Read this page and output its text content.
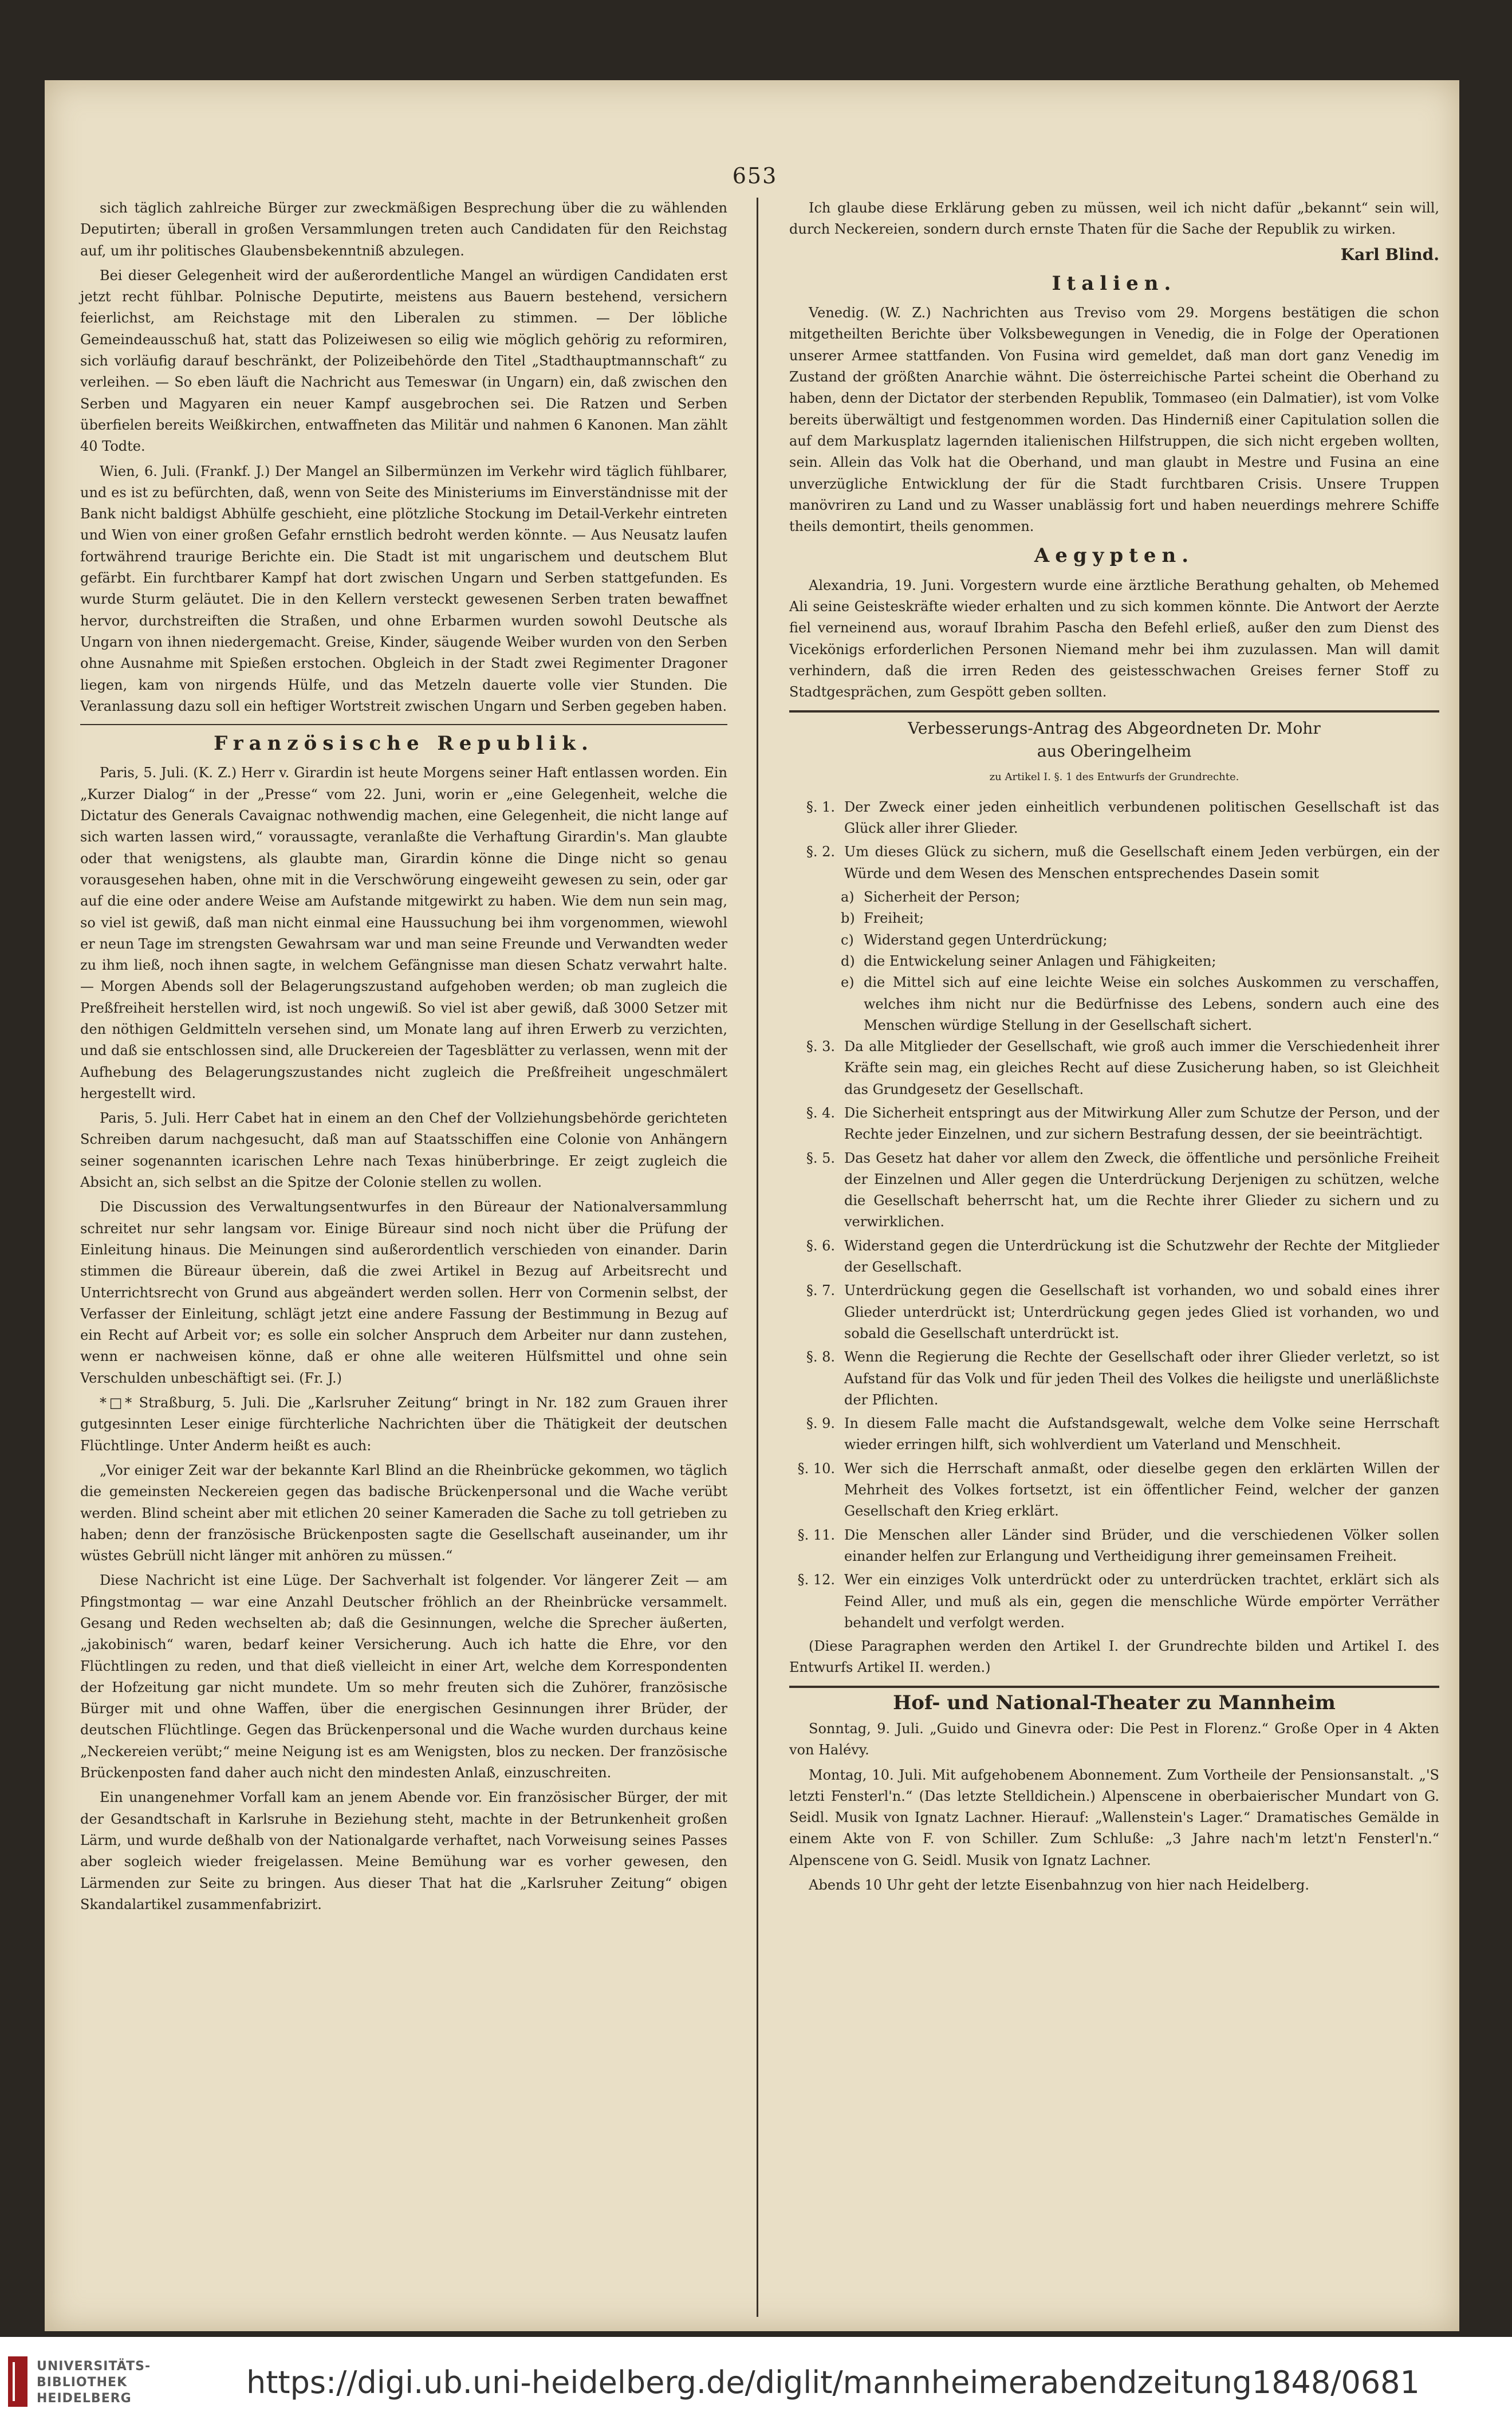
653

sich täglich zahlreiche Bürger zur zweckmäßigen Besprechung über die zu wählenden Deputirten; überall in großen Versammlungen treten auch Candidaten für den Reichstag auf, um ihr politisches Glaubensbekenntniß abzulegen.

Bei dieser Gelegenheit wird der außerordentliche Mangel an würdigen Candidaten erst jetzt recht fühlbar. Polnische Deputirte, meistens aus Bauern bestehend, versichern feierlichst, am Reichstage mit den Liberalen zu stimmen. — Der löbliche Gemeindeausschuß hat, statt das Polizeiwesen so eilig wie möglich gehörig zu reformiren, sich vorläufig darauf beschränkt, der Polizeibehörde den Titel „Stadthauptmannschaft“ zu verleihen. — So eben läuft die Nachricht aus Temeswar (in Ungarn) ein, daß zwischen den Serben und Magyaren ein neuer Kampf ausgebrochen sei. Die Ratzen und Serben überfielen bereits Weißkirchen, entwaffneten das Militär und nahmen 6 Kanonen. Man zählt 40 Todte.

Wien, 6. Juli. (Frankf. J.) Der Mangel an Silbermünzen im Verkehr wird täglich fühlbarer, und es ist zu befürchten, daß, wenn von Seite des Ministeriums im Einverständnisse mit der Bank nicht baldigst Abhülfe geschieht, eine plötzliche Stockung im Detail-Verkehr eintreten und Wien von einer großen Gefahr ernstlich bedroht werden könnte. — Aus Neusatz laufen fortwährend traurige Berichte ein. Die Stadt ist mit ungarischem und deutschem Blut gefärbt. Ein furchtbarer Kampf hat dort zwischen Ungarn und Serben stattgefunden. Es wurde Sturm geläutet. Die in den Kellern versteckt gewesenen Serben traten bewaffnet hervor, durchstreiften die Straßen, und ohne Erbarmen wurden sowohl Deutsche als Ungarn von ihnen niedergemacht. Greise, Kinder, säugende Weiber wurden von den Serben ohne Ausnahme mit Spießen erstochen. Obgleich in der Stadt zwei Regimenter Dragoner liegen, kam von nirgends Hülfe, und das Metzeln dauerte volle vier Stunden. Die Veranlassung dazu soll ein heftiger Wortstreit zwischen Ungarn und Serben gegeben haben.

Französische Republik.

Paris, 5. Juli. (K. Z.) Herr v. Girardin ist heute Morgens seiner Haft entlassen worden. Ein „Kurzer Dialog“ in der „Presse“ vom 22. Juni, worin er „eine Gelegenheit, welche die Dictatur des Generals Cavaignac nothwendig machen, eine Gelegenheit, die nicht lange auf sich warten lassen wird,“ voraussagte, veranlaßte die Verhaftung Girardin's. Man glaubte oder that wenigstens, als glaubte man, Girardin könne die Dinge nicht so genau vorausgesehen haben, ohne mit in die Verschwörung eingeweiht gewesen zu sein, oder gar auf die eine oder andere Weise am Aufstande mitgewirkt zu haben. Wie dem nun sein mag, so viel ist gewiß, daß man nicht einmal eine Haussuchung bei ihm vorgenommen, wiewohl er neun Tage im strengsten Gewahrsam war und man seine Freunde und Verwandten weder zu ihm ließ, noch ihnen sagte, in welchem Gefängnisse man diesen Schatz verwahrt halte. — Morgen Abends soll der Belagerungszustand aufgehoben werden; ob man zugleich die Preßfreiheit herstellen wird, ist noch ungewiß. So viel ist aber gewiß, daß 3000 Setzer mit den nöthigen Geldmitteln versehen sind, um Monate lang auf ihren Erwerb zu verzichten, und daß sie entschlossen sind, alle Druckereien der Tagesblätter zu verlassen, wenn mit der Aufhebung des Belagerungszustandes nicht zugleich die Preßfreiheit ungeschmälert hergestellt wird.

Paris, 5. Juli. Herr Cabet hat in einem an den Chef der Vollziehungsbehörde gerichteten Schreiben darum nachgesucht, daß man auf Staatsschiffen eine Colonie von Anhängern seiner sogenannten icarischen Lehre nach Texas hinüberbringe. Er zeigt zugleich die Absicht an, sich selbst an die Spitze der Colonie stellen zu wollen.

Die Discussion des Verwaltungsentwurfes in den Büreaur der Nationalversammlung schreitet nur sehr langsam vor. Einige Büreaur sind noch nicht über die Prüfung der Einleitung hinaus. Die Meinungen sind außerordentlich verschieden von einander. Darin stimmen die Büreaur überein, daß die zwei Artikel in Bezug auf Arbeitsrecht und Unterrichtsrecht von Grund aus abgeändert werden sollen. Herr von Cormenin selbst, der Verfasser der Einleitung, schlägt jetzt eine andere Fassung der Bestimmung in Bezug auf ein Recht auf Arbeit vor; es solle ein solcher Anspruch dem Arbeiter nur dann zustehen, wenn er nachweisen könne, daß er ohne alle weiteren Hülfsmittel und ohne sein Verschulden unbeschäftigt sei. (Fr. J.)

*□* Straßburg, 5. Juli. Die „Karlsruher Zeitung“ bringt in Nr. 182 zum Grauen ihrer gutgesinnten Leser einige fürchterliche Nachrichten über die Thätigkeit der deutschen Flüchtlinge. Unter Anderm heißt es auch:

„Vor einiger Zeit war der bekannte Karl Blind an die Rheinbrücke gekommen, wo täglich die gemeinsten Neckereien gegen das badische Brückenpersonal und die Wache verübt werden. Blind scheint aber mit etlichen 20 seiner Kameraden die Sache zu toll getrieben zu haben; denn der französische Brückenposten sagte die Gesellschaft auseinander, um ihr wüstes Gebrüll nicht länger mit anhören zu müssen.“

Diese Nachricht ist eine Lüge. Der Sachverhalt ist folgender. Vor längerer Zeit — am Pfingstmontag — war eine Anzahl Deutscher fröhlich an der Rheinbrücke versammelt. Gesang und Reden wechselten ab; daß die Gesinnungen, welche die Sprecher äußerten, „jakobinisch“ waren, bedarf keiner Versicherung. Auch ich hatte die Ehre, vor den Flüchtlingen zu reden, und that dieß vielleicht in einer Art, welche dem Korrespondenten der Hofzeitung gar nicht mundete. Um so mehr freuten sich die Zuhörer, französische Bürger mit und ohne Waffen, über die energischen Gesinnungen ihrer Brüder, der deutschen Flüchtlinge. Gegen das Brückenpersonal und die Wache wurden durchaus keine „Neckereien verübt;“ meine Neigung ist es am Wenigsten, blos zu necken. Der französische Brückenposten fand daher auch nicht den mindesten Anlaß, einzuschreiten.

Ein unangenehmer Vorfall kam an jenem Abende vor. Ein französischer Bürger, der mit der Gesandtschaft in Karlsruhe in Beziehung steht, machte in der Betrunkenheit großen Lärm, und wurde deßhalb von der Nationalgarde verhaftet, nach Vorweisung seines Passes aber sogleich wieder freigelassen. Meine Bemühung war es vorher gewesen, den Lärmenden zur Seite zu bringen. Aus dieser That hat die „Karlsruher Zeitung“ obigen Skandalartikel zusammenfabrizirt.

Ich glaube diese Erklärung geben zu müssen, weil ich nicht dafür „bekannt“ sein will, durch Neckereien, sondern durch ernste Thaten für die Sache der Republik zu wirken.

Karl Blind.
Italien.

Venedig. (W. Z.) Nachrichten aus Treviso vom 29. Morgens bestätigen die schon mitgetheilten Berichte über Volksbewegungen in Venedig, die in Folge der Operationen unserer Armee stattfanden. Von Fusina wird gemeldet, daß man dort ganz Venedig im Zustand der größten Anarchie wähnt. Die österreichische Partei scheint die Oberhand zu haben, denn der Dictator der sterbenden Republik, Tommaseo (ein Dalmatier), ist vom Volke bereits überwältigt und festgenommen worden. Das Hinderniß einer Capitulation sollen die auf dem Markusplatz lagernden italienischen Hilfstruppen, die sich nicht ergeben wollten, sein. Allein das Volk hat die Oberhand, und man glaubt in Mestre und Fusina an eine unverzügliche Entwicklung der für die Stadt furchtbaren Crisis. Unsere Truppen manövriren zu Land und zu Wasser unablässig fort und haben neuerdings mehrere Schiffe theils demontirt, theils genommen.

Aegypten.

Alexandria, 19. Juni. Vorgestern wurde eine ärztliche Berathung gehalten, ob Mehemed Ali seine Geisteskräfte wieder erhalten und zu sich kommen könnte. Die Antwort der Aerzte fiel verneinend aus, worauf Ibrahim Pascha den Befehl erließ, außer den zum Dienst des Vicekönigs erforderlichen Personen Niemand mehr bei ihm zuzulassen. Man will damit verhindern, daß die irren Reden des geistesschwachen Greises ferner Stoff zu Stadtgesprächen, zum Gespött geben sollten.

Verbesserungs-Antrag des Abgeordneten Dr. Mohr
aus Oberingelheim
zu Artikel I. §. 1 des Entwurfs der Grundrechte.
§. 1. Der Zweck einer jeden einheitlich verbundenen politischen Gesellschaft ist das Glück aller ihrer Glieder.
§. 2. Um dieses Glück zu sichern, muß die Gesellschaft einem Jeden verbürgen, ein der Würde und dem Wesen des Menschen entsprechendes Dasein somit
a) Sicherheit der Person;
b) Freiheit;
c) Widerstand gegen Unterdrückung;
d) die Entwickelung seiner Anlagen und Fähigkeiten;
e) die Mittel sich auf eine leichte Weise ein solches Auskommen zu verschaffen, welches ihm nicht nur die Bedürfnisse des Lebens, sondern auch eine des Menschen würdige Stellung in der Gesellschaft sichert.
§. 3. Da alle Mitglieder der Gesellschaft, wie groß auch immer die Verschiedenheit ihrer Kräfte sein mag, ein gleiches Recht auf diese Zusicherung haben, so ist Gleichheit das Grundgesetz der Gesellschaft.
§. 4. Die Sicherheit entspringt aus der Mitwirkung Aller zum Schutze der Person, und der Rechte jeder Einzelnen, und zur sichern Bestrafung dessen, der sie beeinträchtigt.
§. 5. Das Gesetz hat daher vor allem den Zweck, die öffentliche und persönliche Freiheit der Einzelnen und Aller gegen die Unterdrückung Derjenigen zu schützen, welche die Gesellschaft beherrscht hat, um die Rechte ihrer Glieder zu sichern und zu verwirklichen.
§. 6. Widerstand gegen die Unterdrückung ist die Schutzwehr der Rechte der Mitglieder der Gesellschaft.
§. 7. Unterdrückung gegen die Gesellschaft ist vorhanden, wo und sobald eines ihrer Glieder unterdrückt ist; Unterdrückung gegen jedes Glied ist vorhanden, wo und sobald die Gesellschaft unterdrückt ist.
§. 8. Wenn die Regierung die Rechte der Gesellschaft oder ihrer Glieder verletzt, so ist Aufstand für das Volk und für jeden Theil des Volkes die heiligste und unerläßlichste der Pflichten.
§. 9. In diesem Falle macht die Aufstandsgewalt, welche dem Volke seine Herrschaft wieder erringen hilft, sich wohlverdient um Vaterland und Menschheit.
§. 10. Wer sich die Herrschaft anmaßt, oder dieselbe gegen den erklärten Willen der Mehrheit des Volkes fortsetzt, ist ein öffentlicher Feind, welcher der ganzen Gesellschaft den Krieg erklärt.
§. 11. Die Menschen aller Länder sind Brüder, und die verschiedenen Völker sollen einander helfen zur Erlangung und Vertheidigung ihrer gemeinsamen Freiheit.
§. 12. Wer ein einziges Volk unterdrückt oder zu unterdrücken trachtet, erklärt sich als Feind Aller, und muß als ein, gegen die menschliche Würde empörter Verräther behandelt und verfolgt werden.

(Diese Paragraphen werden den Artikel I. der Grundrechte bilden und Artikel I. des Entwurfs Artikel II. werden.)

Hof- und National-Theater zu Mannheim

Sonntag, 9. Juli. „Guido und Ginevra oder: Die Pest in Florenz.“ Große Oper in 4 Akten von Halévy.

Montag, 10. Juli. Mit aufgehobenem Abonnement. Zum Vortheile der Pensionsanstalt. „'S letzti Fensterl'n.“ (Das letzte Stelldichein.) Alpenscene in oberbaierischer Mundart von G. Seidl. Musik von Ignatz Lachner. Hierauf: „Wallenstein's Lager.“ Dramatisches Gemälde in einem Akte von F. von Schiller. Zum Schluße: „3 Jahre nach'm letzt'n Fensterl'n.“ Alpenscene von G. Seidl. Musik von Ignatz Lachner.

Abends 10 Uhr geht der letzte Eisenbahnzug von hier nach Heidelberg.

UNIVERSITÄTS-
BIBLIOTHEK
HEIDELBERG	https://digi.ub.uni-heidelberg.de/diglit/mannheimerabendzeitung1848/0681
